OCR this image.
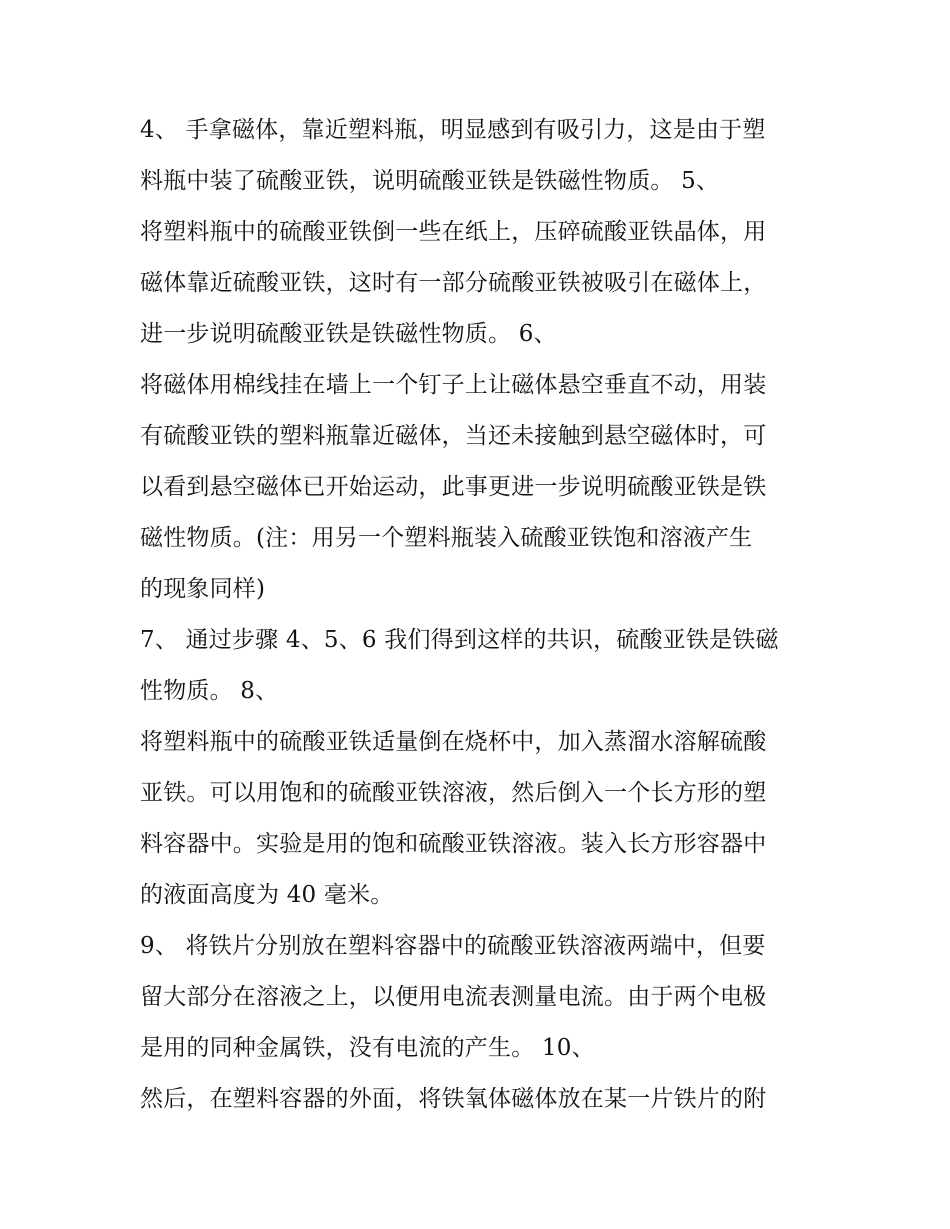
4、 手拿磁体，靠近塑料瓶，明显感到有吸引力，这是由于塑
料瓶中装了硫酸亚铁，说明硫酸亚铁是铁磁性物质。 5、
将塑料瓶中的硫酸亚铁倒一些在纸上，压碎硫酸亚铁晶体，用
磁体靠近硫酸亚铁，这时有一部分硫酸亚铁被吸引在磁体上，
进一步说明硫酸亚铁是铁磁性物质。 6、
将磁体用棉线挂在墙上一个钉子上让磁体悬空垂直不动，用装
有硫酸亚铁的塑料瓶靠近磁体，当还未接触到悬空磁体时，可
以看到悬空磁体已开始运动，此事更进一步说明硫酸亚铁是铁
磁性物质。(注：用另一个塑料瓶装入硫酸亚铁饱和溶液产生
的现象同样)
7、 通过步骤 4、5、6 我们得到这样的共识，硫酸亚铁是铁磁
性物质。 8、
将塑料瓶中的硫酸亚铁适量倒在烧杯中，加入蒸溜水溶解硫酸
亚铁。可以用饱和的硫酸亚铁溶液，然后倒入一个长方形的塑
料容器中。实验是用的饱和硫酸亚铁溶液。装入长方形容器中
的液面高度为 40 毫米。
9、 将铁片分别放在塑料容器中的硫酸亚铁溶液两端中，但要
留大部分在溶液之上，以便用电流表测量电流。由于两个电极
是用的同种金属铁，没有电流的产生。 10、
然后，在塑料容器的外面，将铁氧体磁体放在某一片铁片的附
